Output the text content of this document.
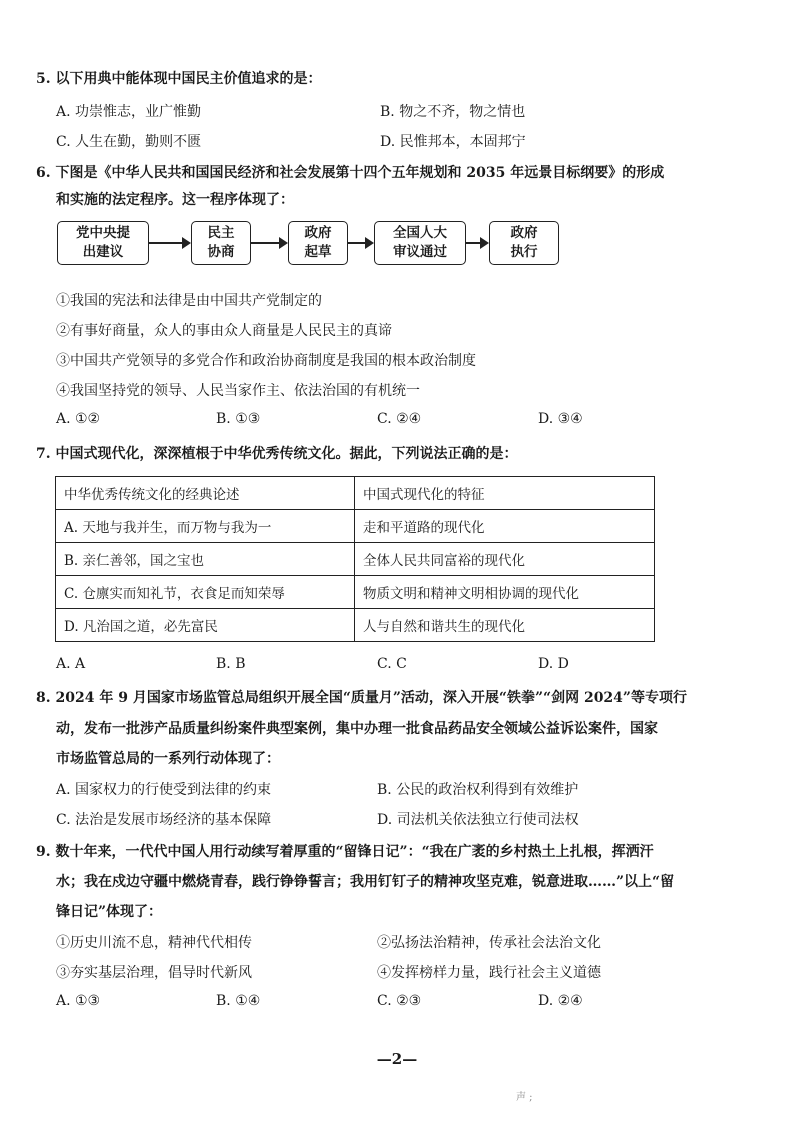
5. 以下用典中能体现中国民主价值追求的是：
A. 功崇惟志，业广惟勤	B. 物之不齐，物之情也
C. 人生在勤，勤则不匮	D. 民惟邦本，本固邦宁
6. 下图是《中华人民共和国国民经济和社会发展第十四个五年规划和 2035 年远景目标纲要》的形成
和实施的法定程序。这一程序体现了：
党中央提
出建议
民主
协商
政府
起草
全国人大
审议通过
政府
执行
①我国的宪法和法律是由中国共产党制定的
②有事好商量，众人的事由众人商量是人民民主的真谛
③中国共产党领导的多党合作和政治协商制度是我国的根本政治制度
④我国坚持党的领导、人民当家作主、依法治国的有机统一
A. ①②	B. ①③	C. ②④	D. ③④
7. 中国式现代化，深深植根于中华优秀传统文化。据此，下列说法正确的是：
中华优秀传统文化的经典论述	中国式现代化的特征
A. 天地与我并生，而万物与我为一	走和平道路的现代化
B. 亲仁善邻，国之宝也	全体人民共同富裕的现代化
C. 仓廪实而知礼节，衣食足而知荣辱	物质文明和精神文明相协调的现代化
D. 凡治国之道，必先富民	人与自然和谐共生的现代化
A. A	B. B	C. C	D. D
8. 2024 年 9 月国家市场监管总局组织开展全国“质量月”活动，深入开展“铁拳”“剑网 2024”等专项行
动，发布一批涉产品质量纠纷案件典型案例，集中办理一批食品药品安全领域公益诉讼案件，国家
市场监管总局的一系列行动体现了：
A. 国家权力的行使受到法律的约束	B. 公民的政治权利得到有效维护
C. 法治是发展市场经济的基本保障	D. 司法机关依法独立行使司法权
9. 数十年来，一代代中国人用行动续写着厚重的“留锋日记”：“我在广袤的乡村热土上扎根，挥洒汗
水；我在戍边守疆中燃烧青春，践行铮铮誓言；我用钉钉子的精神攻坚克难，锐意进取……”以上“留
锋日记”体现了：
①历史川流不息，精神代代相传	②弘扬法治精神，传承社会法治文化
③夯实基层治理，倡导时代新风	④发挥榜样力量，践行社会主义道德
A. ①③	B. ①④	C. ②③	D. ②④
—2—
声 ;
